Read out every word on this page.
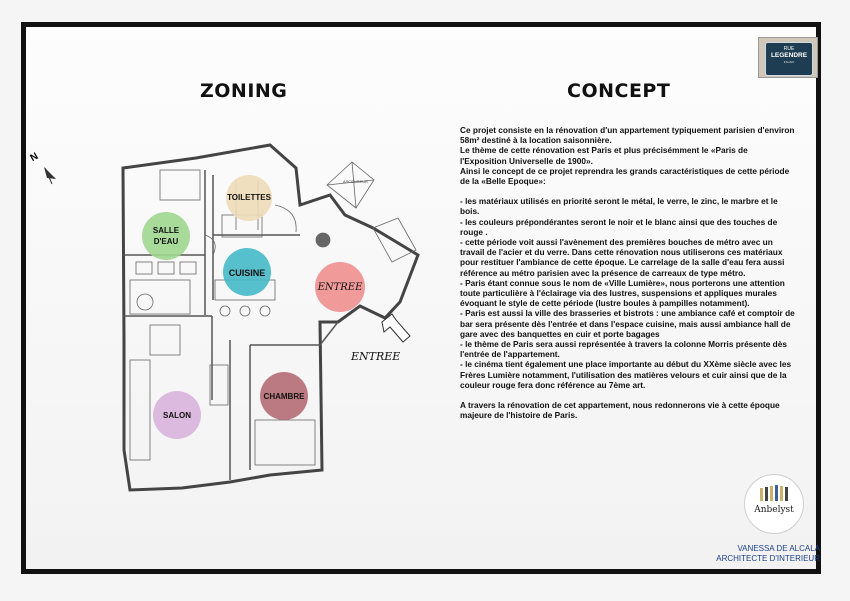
ZONING	CONCEPT
RUE
LEGENDRE
17e Arrt
N
ASCENSEUR
ENTREE
TOILETTES
SALLE
D'EAU
CUISINE
ENTREE
SALON
CHAMBRE

Ce projet consiste en la rénovation d'un appartement typiquement parisien d'environ 58m² destiné à la location saisonnière.

Le thème de cette rénovation est Paris et plus précisémment le «Paris de l'Exposition Universelle de 1900».

Ainsi le concept de ce projet reprendra les grands caractéristiques de cette période de la «Belle Epoque»:

- les matériaux utilisés en priorité seront le métal, le verre, le zinc, le marbre et le bois.

- les couleurs prépondérantes seront le noir et le blanc ainsi que des touches de rouge .

- cette période voit aussi l'avènement des premières bouches de métro avec un travail de l'acier et du verre. Dans cette rénovation nous utiliserons ces matériaux pour restituer l'ambiance de cette époque. Le carrelage de la salle d'eau fera aussi référence au métro parisien avec la présence de carreaux de type métro.

- Paris étant connue sous le nom de «Ville Lumière», nous porterons une attention toute particulière à l'éclairage via des lustres, suspensions et appliques murales évoquant le style de cette période (lustre boules à pampilles notamment).

- Paris est aussi la ville des brasseries et bistrots : une ambiance café et comptoir de bar sera présente dès l'entrée et dans l'espace cuisine, mais aussi ambiance hall de gare avec des banquettes en cuir et porte bagages

- le thème de Paris sera aussi représentée à travers la colonne Morris présente dès l'entrée de l'appartement.

- le cinéma tient également une place importante au début du XXème siècle avec les Frères Lumière notamment, l'utilisation des matières velours et cuir ainsi que de la couleur rouge fera donc référence au 7ème art.

A travers la rénovation de cet appartement, nous redonnerons vie à cette époque majeure de l'histoire de Paris.

Anbelyst
VANESSA DE ALCALA
ARCHITECTE D'INTERIEUR
